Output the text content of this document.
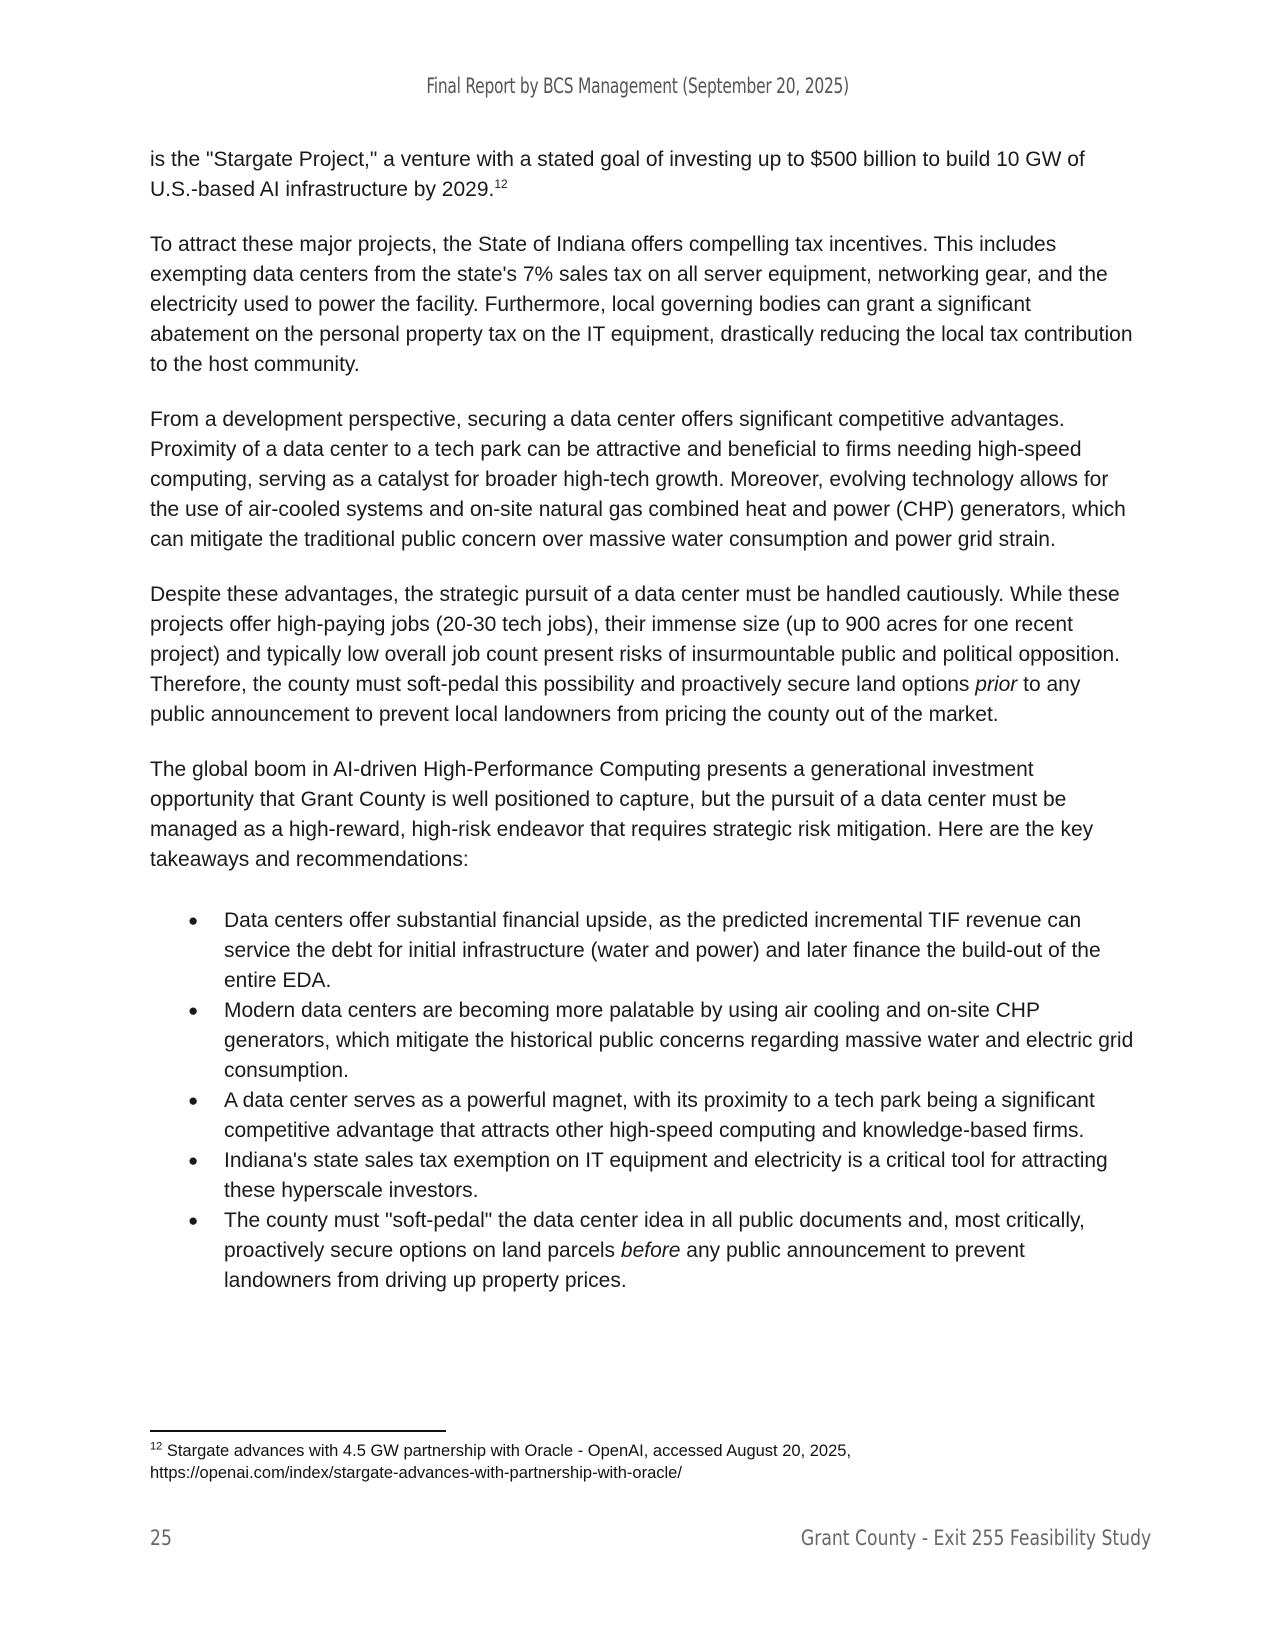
Final Report by BCS Management (September 20, 2025)

is the "Stargate Project," a venture with a stated goal of investing up to $500 billion to build 10 GW of U.S.-based AI infrastructure by 2029.12

To attract these major projects, the State of Indiana offers compelling tax incentives. This includes exempting data centers from the state's 7% sales tax on all server equipment, networking gear, and the electricity used to power the facility. Furthermore, local governing bodies can grant a significant abatement on the personal property tax on the IT equipment, drastically reducing the local tax contribution to the host community.

From a development perspective, securing a data center offers significant competitive advantages. Proximity of a data center to a tech park can be attractive and beneficial to firms needing high-speed computing, serving as a catalyst for broader high-tech growth. Moreover, evolving technology allows for the use of air-cooled systems and on-site natural gas combined heat and power (CHP) generators, which can mitigate the traditional public concern over massive water consumption and power grid strain.

Despite these advantages, the strategic pursuit of a data center must be handled cautiously. While these projects offer high-paying jobs (20-30 tech jobs), their immense size (up to 900 acres for one recent project) and typically low overall job count present risks of insurmountable public and political opposition. Therefore, the county must soft-pedal this possibility and proactively secure land options prior to any public announcement to prevent local landowners from pricing the county out of the market.

The global boom in AI-driven High-Performance Computing presents a generational investment opportunity that Grant County is well positioned to capture, but the pursuit of a data center must be managed as a high-reward, high-risk endeavor that requires strategic risk mitigation. Here are the key takeaways and recommendations:

● Data centers offer substantial financial upside, as the predicted incremental TIF revenue can service the debt for initial infrastructure (water and power) and later finance the build-out of the entire EDA.
● Modern data centers are becoming more palatable by using air cooling and on-site CHP generators, which mitigate the historical public concerns regarding massive water and electric grid consumption.
● A data center serves as a powerful magnet, with its proximity to a tech park being a significant competitive advantage that attracts other high-speed computing and knowledge-based firms.
● Indiana's state sales tax exemption on IT equipment and electricity is a critical tool for attracting these hyperscale investors.
● The county must "soft-pedal" the data center idea in all public documents and, most critically, proactively secure options on land parcels before any public announcement to prevent landowners from driving up property prices.
$^{12}$ Stargate advances with 4.5 GW partnership with Oracle - OpenAI, accessed August 20, 2025,
https://openai.com/index/stargate-advances-with-partnership-with-oracle/
25	Grant County - Exit 255 Feasibility Study
